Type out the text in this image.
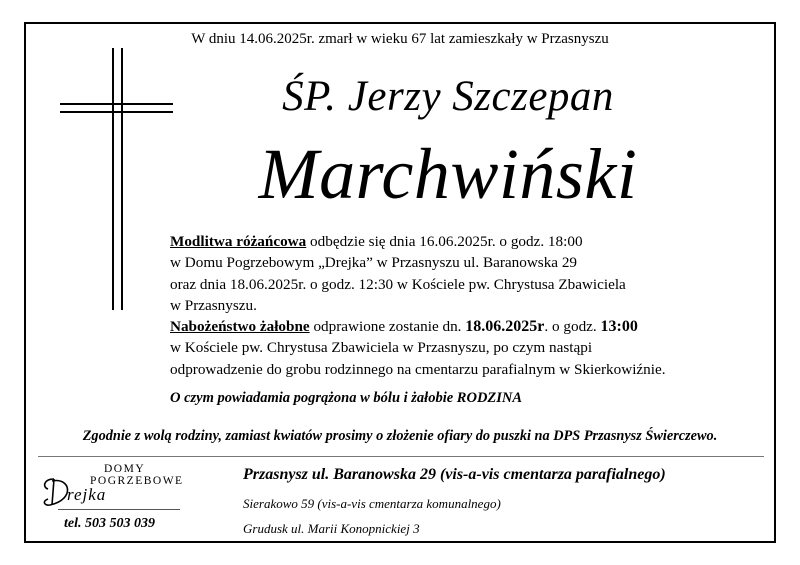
W dniu 14.06.2025r. zmarł w wieku 67 lat zamieszkały w Przasnyszu
ŚP. Jerzy Szczepan
Marchwiński

Modlitwa różańcowa odbędzie się dnia 16.06.2025r. o godz. 18:00

w Domu Pogrzebowym „Drejka” w Przasnyszu ul. Baranowska 29

oraz dnia 18.06.2025r. o godz. 12:30 w Kościele pw. Chrystusa Zbawiciela

w Przasnyszu.

Nabożeństwo żałobne odprawione zostanie dn. 18.06.2025r. o godz. 13:00

w Kościele pw. Chrystusa Zbawiciela w Przasnyszu, po czym nastąpi

odprowadzenie do grobu rodzinnego na cmentarzu parafialnym w Skierkowiźnie.

O czym powiadamia pogrążona w bólu i żałobie RODZINA
Zgodnie z wolą rodziny, zamiast kwiatów prosimy o złożenie ofiary do puszki na DPS Przasnysz Świerczewo.
DOMY
POGRZEBOWE
rejka
tel. 503 503 039
Przasnysz ul. Baranowska 29 (vis-a-vis cmentarza parafialnego)
Sierakowo 59 (vis-a-vis cmentarza komunalnego)
Grudusk ul. Marii Konopnickiej 3
